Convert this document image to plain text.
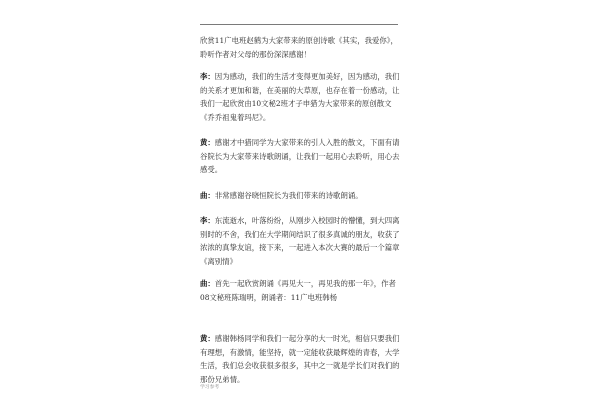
欣赏11广电班赵鹤为大家带来的原创诗歌《其实，我爱你》，聆听作者对父母的那份深深感谢！

李：因为感动，我们的生活才变得更加美好，因为感动，我们的关系才更加和谐，在美丽的大草原，也存在着一份感动，让我们一起欣赏由10文秘2班才子申猎为大家带来的原创散文《乔乔祖鬼着玛尼》。

黄：感谢才中猎同学为大家带来的引人入胜的散文，下面有请谷院长为大家带来诗歌朗诵，让我们一起用心去聆听，用心去感受。

曲：非常感谢谷晓恒院长为我们带来的诗歌朗诵。

李：东流逝水，叶落纷纷，从刚步入校园时的懵懂，到大四离别时的不舍，我们在大学期间结识了很多真诚的朋友，收获了浓浓的真挚友谊，接下来，一起进入本次大赛的最后一个篇章《离别情》

曲：首先一起欣赏朗诵《再见大一，再见我的那一年》，作者08文秘班陈瑞明，朗诵者：11广电班韩杨

黄：感谢韩杨同学和我们一起分享的大一时光，相信只要我们有理想，有激情，能坚持，就一定能收获最辉煌的青春，大学生活，我们总会收获很多很多，其中之一就是学长们对我们的那份兄弟情。

学习参考
